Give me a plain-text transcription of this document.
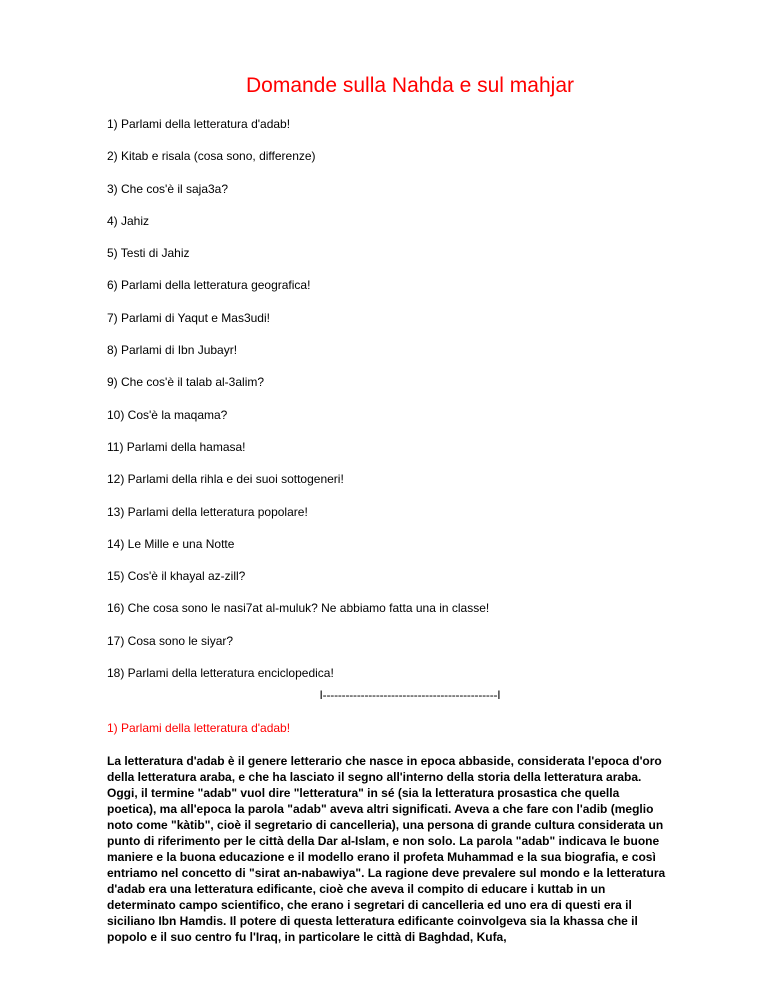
Domande sulla Nahda e sul mahjar
1) Parlami della letteratura d'adab!
2) Kitab e risala (cosa sono, differenze)
3) Che cos'è il saja3a?
4) Jahiz
5) Testi di Jahiz
6) Parlami della letteratura geografica!
7) Parlami di Yaqut e Mas3udi!
8) Parlami di Ibn Jubayr!
9) Che cos'è il talab al-3alim?
10) Cos'è la maqama?
11) Parlami della hamasa!
12) Parlami della rihla e dei suoi sottogeneri!
13) Parlami della letteratura popolare!
14) Le Mille e una Notte
15) Cos'è il khayal az-zill?
16) Che cosa sono le nasi7at al-muluk? Ne abbiamo fatta una in classe!
17) Cosa sono le siyar?
18) Parlami della letteratura enciclopedica!
I----------------------------------------------I
1) Parlami della letteratura d'adab!

La letteratura d'adab è il genere letterario che nasce in epoca abbaside, considerata l'epoca d'oro della letteratura araba, e che ha lasciato il segno all'interno della storia della letteratura araba. Oggi, il termine "adab" vuol dire "letteratura" in sé (sia la letteratura prosastica che quella poetica), ma all'epoca la parola "adab" aveva altri significati. Aveva a che fare con l'adib (meglio noto come "kàtib", cioè il segretario di cancelleria), una persona di grande cultura considerata un punto di riferimento per le città della Dar al-Islam, e non solo. La parola "adab" indicava le buone maniere e la buona educazione e il modello erano il profeta Muhammad e la sua biografia, e così entriamo nel concetto di "sirat an-nabawiya". La ragione deve prevalere sul mondo e la letteratura d'adab era una letteratura edificante, cioè che aveva il compito di educare i kuttab in un determinato campo scientifico, che erano i segretari di cancelleria ed uno era di questi era il siciliano Ibn Hamdis. Il potere di questa letteratura edificante coinvolgeva sia la khassa che il popolo e il suo centro fu l'Iraq, in particolare le città di Baghdad, Kufa,
